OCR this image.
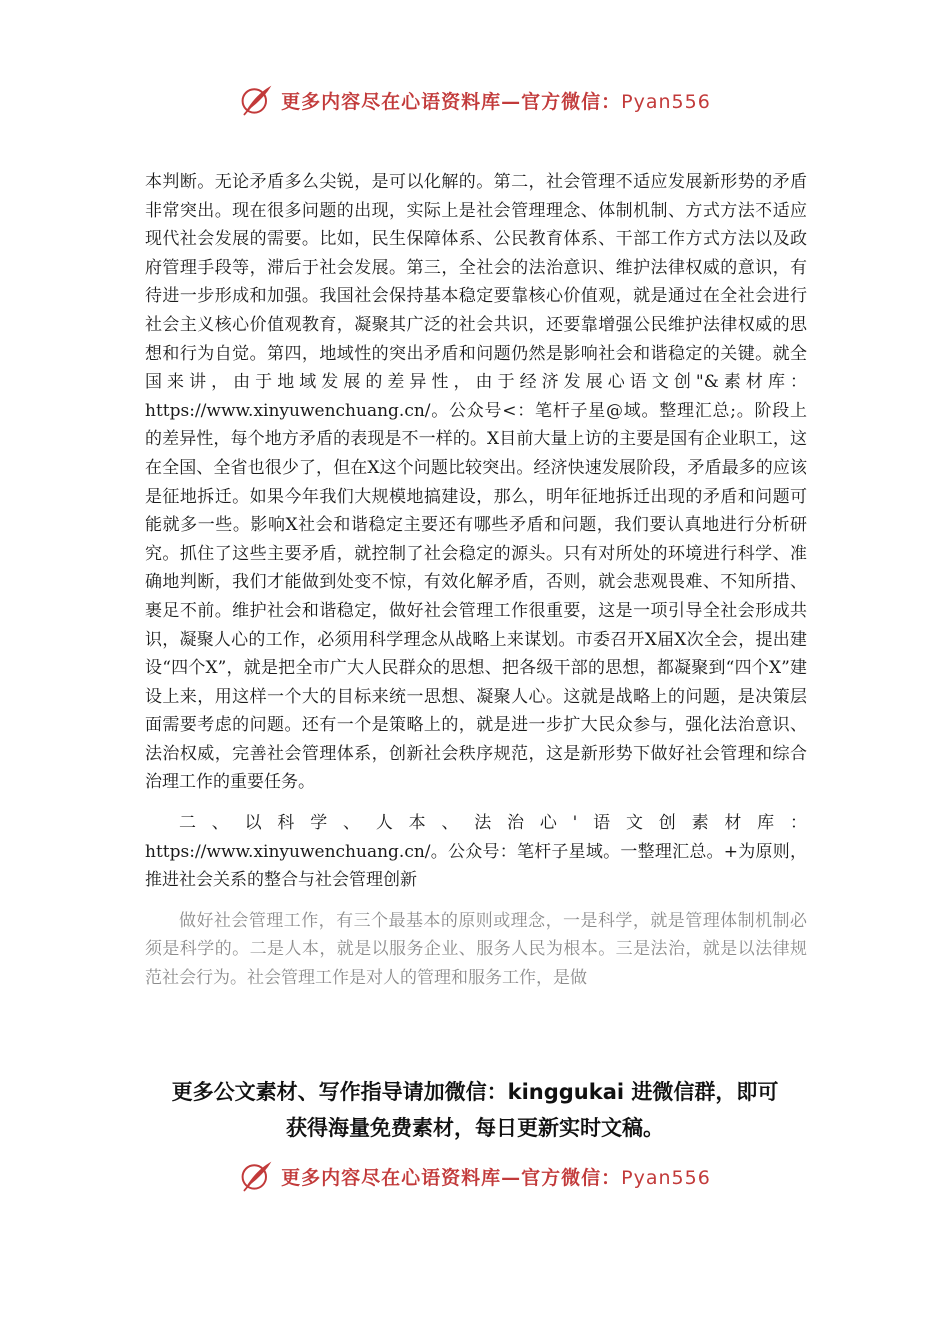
更多内容尽在心语资料库—官方微信：Pyan556

本判断。无论矛盾多么尖锐，是可以化解的。第二，社会管理不适应发展新形势的矛盾非常突出。现在很多问题的出现，实际上是社会管理理念、体制机制、方式方法不适应现代社会发展的需要。比如，民生保障体系、公民教育体系、干部工作方式方法以及政府管理手段等，滞后于社会发展。第三，全社会的法治意识、维护法律权威的意识，有待进一步形成和加强。我国社会保持基本稳定要靠核心价值观，就是通过在全社会进行社会主义核心价值观教育，凝聚其广泛的社会共识，还要靠增强公民维护法律权威的思想和行为自觉。第四，地域性的突出矛盾和问题仍然是影响社会和谐稳定的关键。就全国来讲，由于地域发展的差异性，由于经济发展心语文创"&素材库：https://www.xinyuwenchuang.cn/。公众号<：笔杆子星@域。整理汇总;。阶段上的差异性，每个地方矛盾的表现是不一样的。X目前大量上访的主要是国有企业职工，这在全国、全省也很少了，但在X这个问题比较突出。经济快速发展阶段，矛盾最多的应该是征地拆迁。如果今年我们大规模地搞建设，那么，明年征地拆迁出现的矛盾和问题可能就多一些。影响X社会和谐稳定主要还有哪些矛盾和问题，我们要认真地进行分析研究。抓住了这些主要矛盾，就控制了社会稳定的源头。只有对所处的环境进行科学、准确地判断，我们才能做到处变不惊，有效化解矛盾，否则，就会悲观畏难、不知所措、裹足不前。维护社会和谐稳定，做好社会管理工作很重要，这是一项引导全社会形成共识，凝聚人心的工作，必须用科学理念从战略上来谋划。市委召开X届X次全会，提出建设“四个X”，就是把全市广大人民群众的思想、把各级干部的思想，都凝聚到“四个X”建设上来，用这样一个大的目标来统一思想、凝聚人心。这就是战略上的问题，是决策层面需要考虑的问题。还有一个是策略上的，就是进一步扩大民众参与，强化法治意识、法治权威，完善社会管理体系，创新社会秩序规范，这是新形势下做好社会管理和综合治理工作的重要任务。

二、以科学、人本、法治心'语文创素材库：https://www.xinyuwenchuang.cn/。公众号：笔杆子星域。一整理汇总。+为原则，推进社会关系的整合与社会管理创新

做好社会管理工作，有三个最基本的原则或理念，一是科学，就是管理体制机制必须是科学的。二是人本，就是以服务企业、服务人民为根本。三是法治，就是以法律规范社会行为。社会管理工作是对人的管理和服务工作，是做

更多公文素材、写作指导请加微信：kinggukai 进微信群，即可
获得海量免费素材，每日更新实时文稿。
更多内容尽在心语资料库—官方微信：Pyan556
